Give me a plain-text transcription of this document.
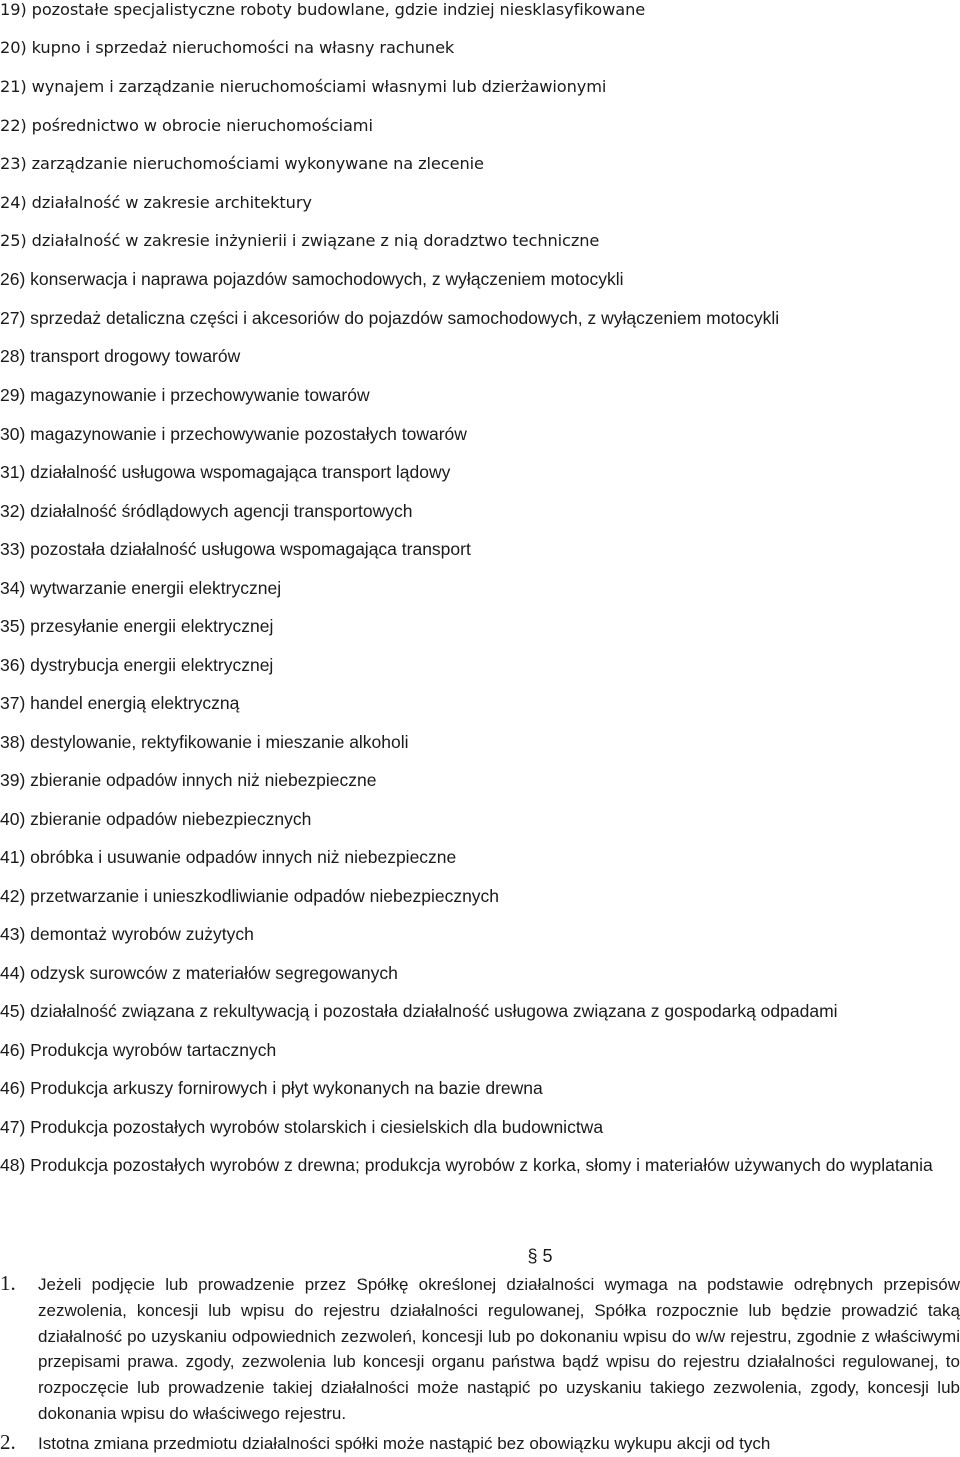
19) pozostałe specjalistyczne roboty budowlane, gdzie indziej niesklasyfikowane
20) kupno i sprzedaż nieruchomości na własny rachunek
21) wynajem i zarządzanie nieruchomościami własnymi lub dzierżawionymi
22) pośrednictwo w obrocie nieruchomościami
23) zarządzanie nieruchomościami wykonywane na zlecenie
24) działalność w zakresie architektury
25) działalność w zakresie inżynierii i związane z nią doradztwo techniczne
26) konserwacja i naprawa pojazdów samochodowych, z wyłączeniem motocykli
27) sprzedaż detaliczna części i akcesoriów do pojazdów samochodowych, z wyłączeniem motocykli
28) transport drogowy towarów
29) magazynowanie i przechowywanie towarów
30) magazynowanie i przechowywanie pozostałych towarów
31) działalność usługowa wspomagająca transport lądowy
32) działalność śródlądowych agencji transportowych
33) pozostała działalność usługowa wspomagająca transport
34) wytwarzanie energii elektrycznej
35) przesyłanie energii elektrycznej
36) dystrybucja energii elektrycznej
37) handel energią elektryczną
38) destylowanie, rektyfikowanie i mieszanie alkoholi
39) zbieranie odpadów innych niż niebezpieczne
40) zbieranie odpadów niebezpiecznych
41) obróbka i usuwanie odpadów innych niż niebezpieczne
42) przetwarzanie i unieszkodliwianie odpadów niebezpiecznych
43) demontaż wyrobów zużytych
44) odzysk surowców z materiałów segregowanych
45) działalność związana z rekultywacją i pozostała działalność usługowa związana z gospodarką odpadami
46) Produkcja wyrobów tartacznych
46) Produkcja arkuszy fornirowych i płyt wykonanych na bazie drewna
47) Produkcja pozostałych wyrobów stolarskich i ciesielskich dla budownictwa
48) Produkcja pozostałych wyrobów z drewna; produkcja wyrobów z korka, słomy i materiałów używanych do wyplatania
§ 5
1. Jeżeli podjęcie lub prowadzenie przez Spółkę określonej działalności wymaga na podstawie odrębnych przepisów zezwolenia, koncesji lub wpisu do rejestru działalności regulowanej, Spółka rozpocznie lub będzie prowadzić taką działalność po uzyskaniu odpowiednich zezwoleń, koncesji lub po dokonaniu wpisu do w/w rejestru, zgodnie z właściwymi przepisami prawa. zgody, zezwolenia lub koncesji organu państwa bądź wpisu do rejestru działalności regulowanej, to rozpoczęcie lub prowadzenie takiej działalności może nastąpić po uzyskaniu takiego zezwolenia, zgody, koncesji lub dokonania wpisu do właściwego rejestru.
2. Istotna zmiana przedmiotu działalności spółki może nastąpić bez obowiązku wykupu akcji od tych
